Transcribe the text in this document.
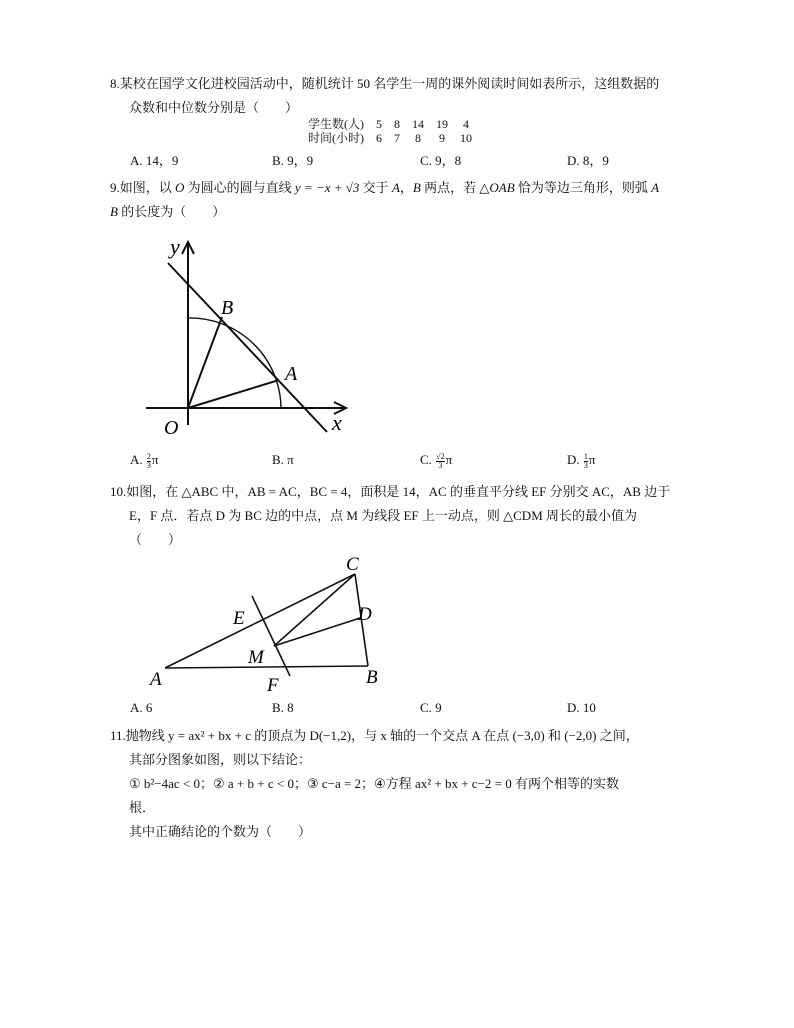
8.某校在国学文化进校园活动中，随机统计 50 名学生一周的课外阅读时间如表所示，这组数据的
众数和中位数分别是（　　）
学生数(人)	5	8	14	19	4
时间(小时)	6	7	8	9	10
A. 14，9	B. 9，9	C. 9，8	D. 8，9
9.如图，以 O 为圆心的圆与直线 y = −x + √3 交于 A，B 两点，若 △OAB 恰为等边三角形，则弧 A
B 的长度为（　　）
y
B
A
O	x
A. $\frac{2}{3}$ π	B. π	C. $\frac{√2}{3}$ π	D. $\frac{1}{3}$ π
10.如图，在 △ABC 中，AB = AC，BC = 4，面积是 14，AC 的垂直平分线 EF 分别交 AC，AB 边于
E，F 点．若点 D 为 BC 边的中点，点 M 为线段 EF 上一动点，则 △CDM 周长的最小值为
（　　）
C
E	D
M
A	F	B
A. 6	B. 8	C. 9	D. 10
11.抛物线 y = ax² + bx + c 的顶点为 D(−1,2)，与 x 轴的一个交点 A 在点 (−3,0) 和 (−2,0) 之间，
其部分图象如图，则以下结论：
① b²−4ac < 0；② a + b + c < 0；③ c−a = 2；④方程 ax² + bx + c−2 = 0 有两个相等的实数
根．
其中正确结论的个数为（　　）
